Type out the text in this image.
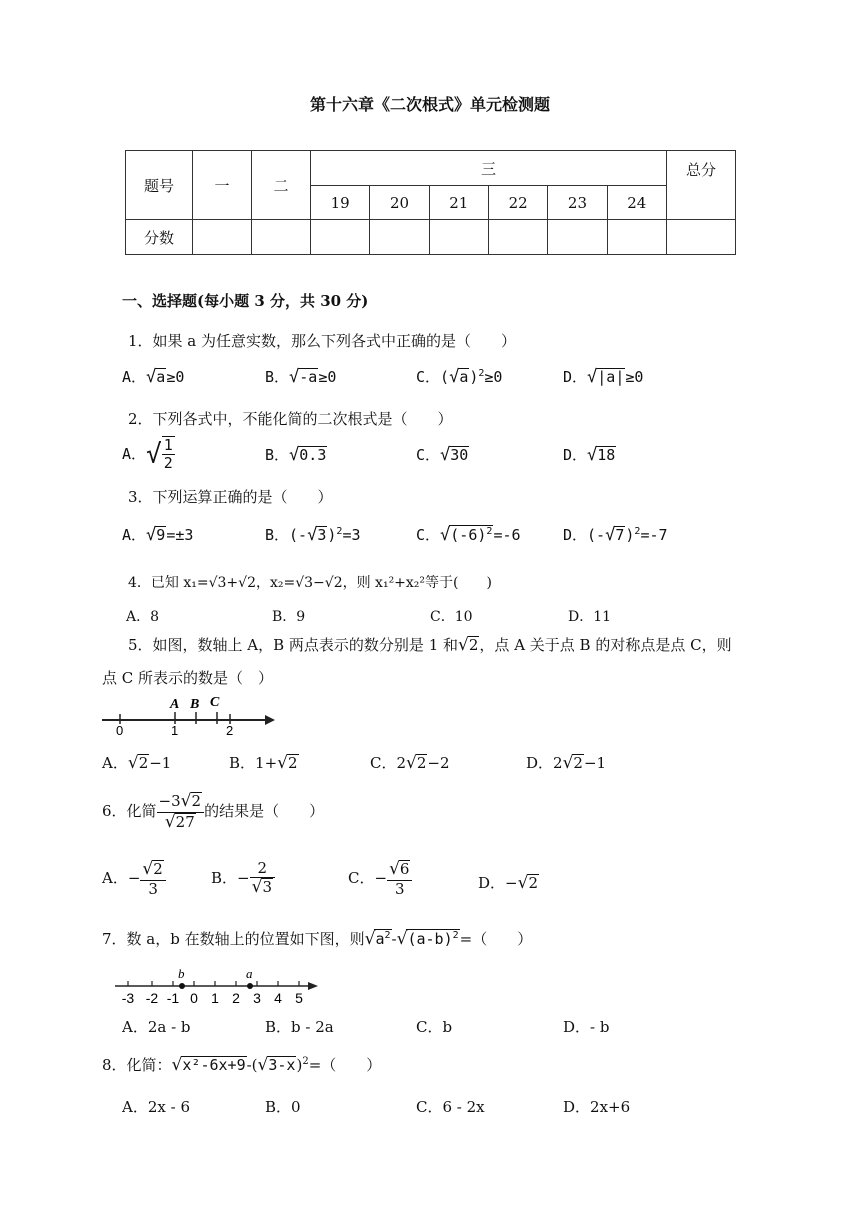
第十六章《二次根式》单元检测题
题号	一	二	三						总分
			19	20	21	22	23	24	
分数									
一、选择题(每小题 3 分，共 30 分)
1．如果 a 为任意实数，那么下列各式中正确的是（　　）
A．√a≥0	B．√-a≥0	C．$(√a)^2\ge 0$	D．√|a|≥0
2．下列各式中，不能化简的二次根式是（　　）
A．√ $\frac{1}{2}$	B．√0.3	C．√30	D．√18
3．下列运算正确的是（　　）
A．√9=±3	B．$(-√3)^2=3$	C．$√(-6)^2=-6$	D．$(-√7)^2=-7$
4．已知 x₁=√3+√2，x₂=√3−√2，则 x₁²+x₂²等于(　　)
A．8	B．9	C．10	D．11
5．如图，数轴上 A，B 两点表示的数分别是 1 和√2，点 A 关于点 B 的对称点是点 C，则
点 C 所表示的数是（　）
0	1	2
A B C
A．√2−1	B．1+√2	C．2√2−2	D．2√2−1
6．化简 $\frac{-3√2}{√27}$ 的结果是（　　）
A．− $\frac{√2}{3}$	B．− $\frac{2}{√3}$	C．− $\frac{√6}{3}$	D．−√2
7．数 a，b 在数轴上的位置如下图，则$√a^2-√(a-b)^2=$（　　）
b	a
-3 -2 -1 0 1 2 3 4 5
A．2a - b	B．b - 2a	C．b	D．- b
8．化简：$√x^2-6x+9-(√3-x)^2=$（　　）
A．2x - 6	B．0	C．6 - 2x	D．2x+6
